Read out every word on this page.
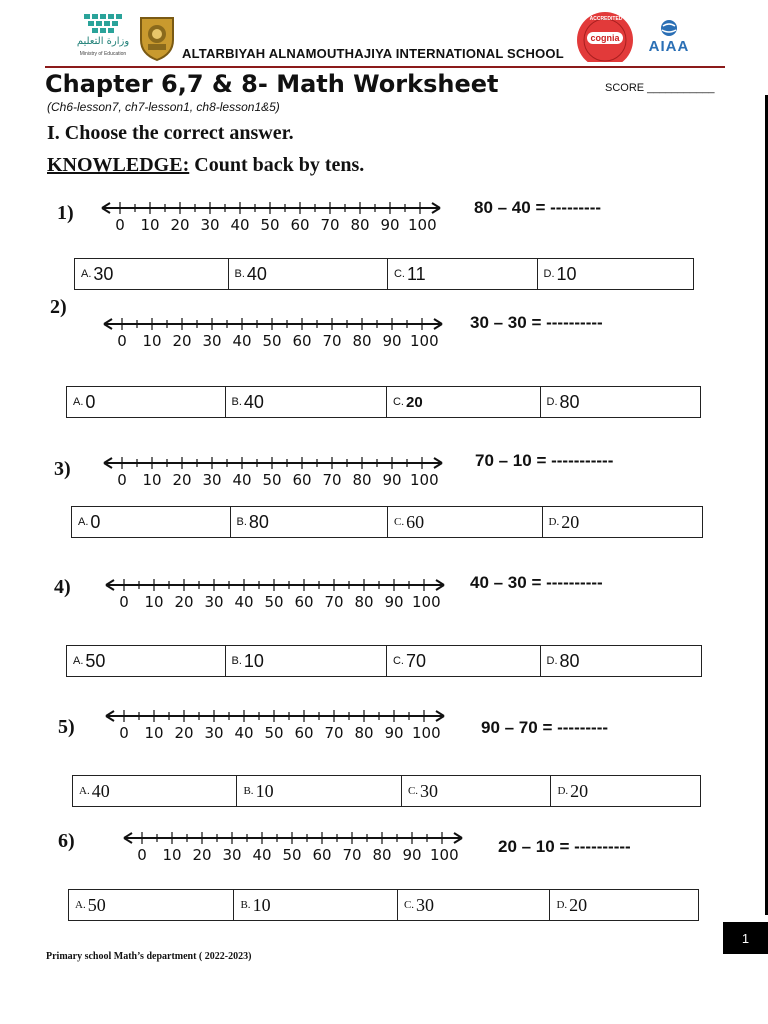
وزارة التعليم
Ministry of Education	ALTARBIYAH ALNAMOUTHAJIYA INTERNATIONAL SCHOOL
ACCREDITED
cognia	AIAA
Chapter 6,7 & 8- Math Worksheet
(Ch6-lesson7, ch7-lesson1, ch8-lesson1&5)
SCORE ___________
I. Choose the correct answer.
KNOWLEDGE: Count back by tens.
1)
0	10 20 30 40 50 60 70 80 90 100
80 – 40 = ---------
A. 30	B. 40	C. 11	D. 10
2)
0	10 20 30 40 50 60 70 80 90 100
30 – 30 = ----------
A. 0	B. 40	C. 20	D. 80
3)	0	10 20 30 40 50 60 70 80 90 100
70 – 10 = -----------
A. 0	B. 80	C. 60	D. 20
4)
0	10 20 30 40 50 60 70 80 90 100
40 – 30 = ----------
A. 50	B. 10	C. 70	D. 80
5)	0	10 20 30 40 50 60 70 80 90 100 90 – 70 = ---------
A. 40	B. 10	C. 30	D. 20
6)
0	10 20 30 40 50 60 70 80 90 100 20 – 10 = ----------
A. 50	B. 10	C. 30	D. 20
Primary school Math’s department ( 2022-2023)
1
